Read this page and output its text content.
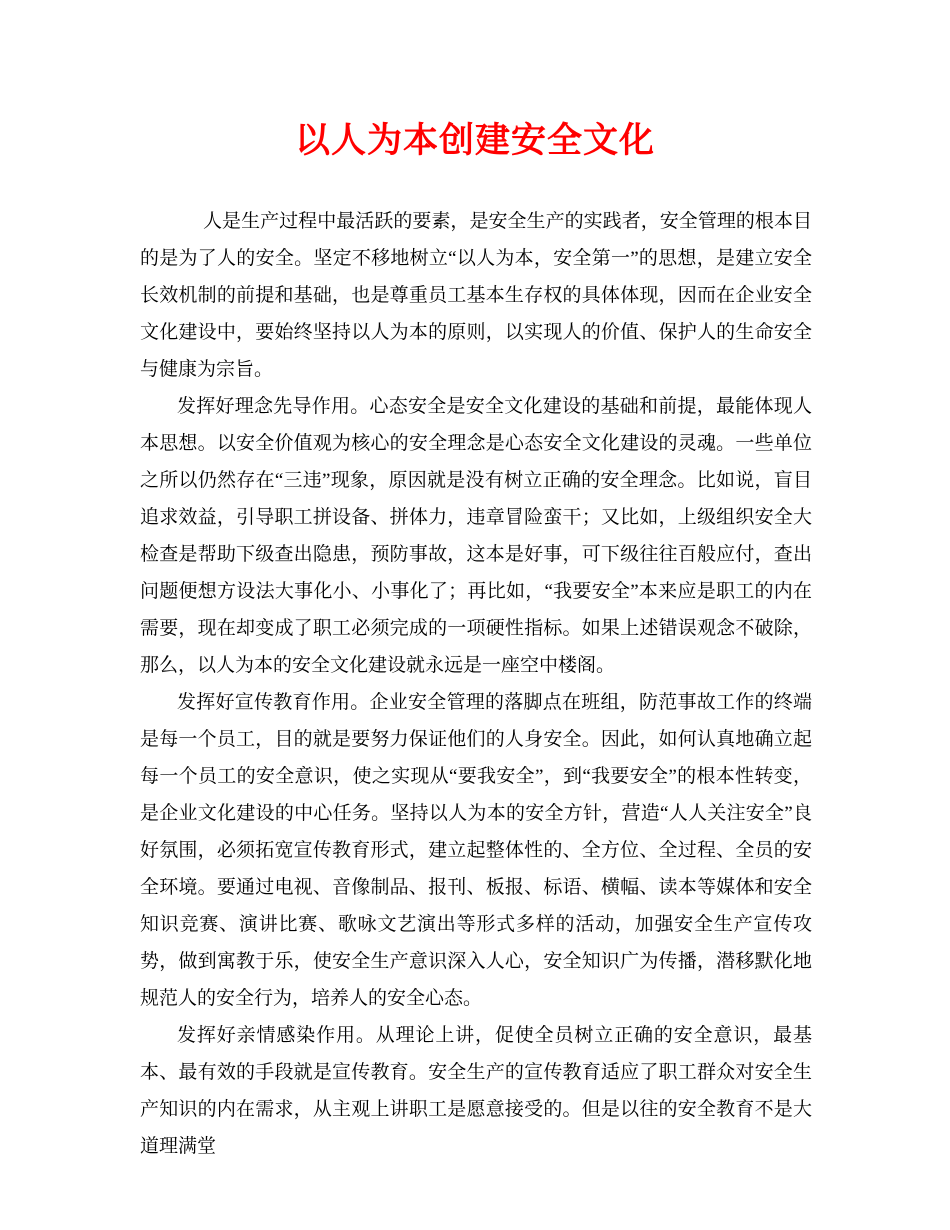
以人为本创建安全文化

人是生产过程中最活跃的要素，是安全生产的实践者，安全管理的根本目的是为了人的安全。坚定不移地树立“以人为本，安全第一”的思想，是建立安全长效机制的前提和基础，也是尊重员工基本生存权的具体体现，因而在企业安全文化建设中，要始终坚持以人为本的原则，以实现人的价值、保护人的生命安全与健康为宗旨。

发挥好理念先导作用。心态安全是安全文化建设的基础和前提，最能体现人本思想。以安全价值观为核心的安全理念是心态安全文化建设的灵魂。一些单位之所以仍然存在“三违”现象，原因就是没有树立正确的安全理念。比如说，盲目追求效益，引导职工拼设备、拼体力，违章冒险蛮干；又比如，上级组织安全大检查是帮助下级查出隐患，预防事故，这本是好事，可下级往往百般应付，查出问题便想方设法大事化小、小事化了；再比如，“我要安全”本来应是职工的内在需要，现在却变成了职工必须完成的一项硬性指标。如果上述错误观念不破除，那么，以人为本的安全文化建设就永远是一座空中楼阁。

发挥好宣传教育作用。企业安全管理的落脚点在班组，防范事故工作的终端是每一个员工，目的就是要努力保证他们的人身安全。因此，如何认真地确立起每一个员工的安全意识，使之实现从“要我安全”，到“我要安全”的根本性转变，是企业文化建设的中心任务。坚持以人为本的安全方针，营造“人人关注安全”良好氛围，必须拓宽宣传教育形式，建立起整体性的、全方位、全过程、全员的安全环境。要通过电视、音像制品、报刊、板报、标语、横幅、读本等媒体和安全知识竞赛、演讲比赛、歌咏文艺演出等形式多样的活动，加强安全生产宣传攻势，做到寓教于乐，使安全生产意识深入人心，安全知识广为传播，潜移默化地规范人的安全行为，培养人的安全心态。

发挥好亲情感染作用。从理论上讲，促使全员树立正确的安全意识，最基本、最有效的手段就是宣传教育。安全生产的宣传教育适应了职工群众对安全生产知识的内在需求，从主观上讲职工是愿意接受的。但是以往的安全教育不是大道理满堂
